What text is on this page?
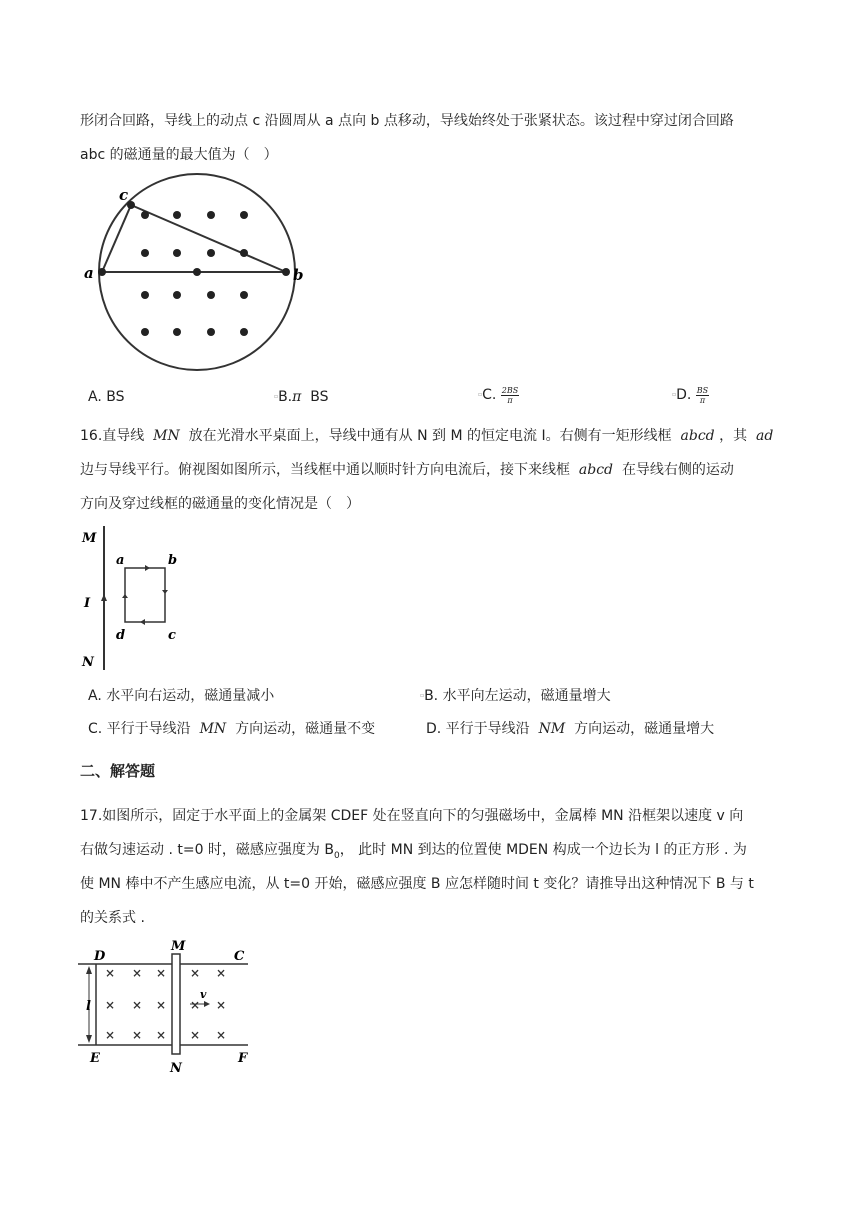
形闭合回路，导线上的动点 c 沿圆周从 a 点向 b 点移动，导线始终处于张紧状态。该过程中穿过闭合回路
abc 的磁通量的最大值为（　）
a	b
c
A. BS	▫B.π BS	▫C. $\frac{2BS}{\pi}$	▫D. $\frac{BS}{\pi}$
16.直导线 MN 放在光滑水平桌面上，导线中通有从 N 到 M 的恒定电流 I。右侧有一矩形线框 abcd ，其 ad
边与导线平行。俯视图如图所示，当线框中通以顺时针方向电流后，接下来线框 abcd 在导线右侧的运动
方向及穿过线框的磁通量的变化情况是（　）
M
I
N
a	b
c
d
A. 水平向右运动，磁通量减小	▫B. 水平向左运动，磁通量增大
C. 平行于导线沿 MN 方向运动，磁通量不变	D. 平行于导线沿 NM 方向运动，磁通量增大
二、解答题
17.如图所示，固定于水平面上的金属架 CDEF 处在竖直向下的匀强磁场中，金属棒 MN 沿框架以速度 v 向
右做匀速运动 . t=0 时，磁感应强度为 $B_0$， 此时 MN 到达的位置使 MDEN 构成一个边长为 l 的正方形 . 为
使 MN 棒中不产生感应电流，从 t=0 开始，磁感应强度 B 应怎样随时间 t 变化？请推导出这种情况下 B 与 t
的关系式 .
× × × × ×
× × × × ×
× × × × ×
D
M
C
l
v
E
N
F
